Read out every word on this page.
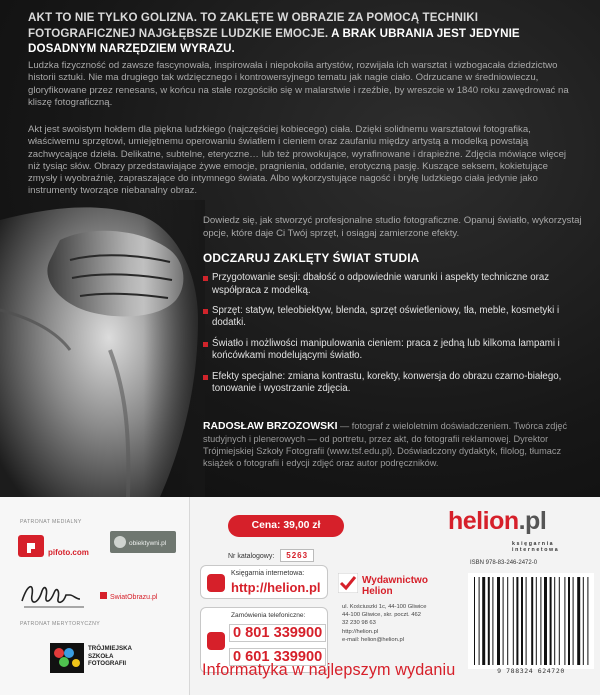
AKT TO NIE TYLKO GOLIZNA. TO ZAKLĘTE W OBRAZIE ZA POMOCĄ TECHNIKI FOTOGRAFICZNEJ NAJGŁĘBSZE LUDZKIE EMOCJE. A BRAK UBRANIA JEST JEDYNIE DOSADNYM NARZĘDZIEM WYRAZU.

Ludzka fizyczność od zawsze fascynowała, inspirowała i niepokoiła artystów, rozwijała ich warsztat i wzbogacała dziedzictwo historii sztuki. Nie ma drugiego tak wdzięcznego i kontrowersyjnego tematu jak nagie ciało. Odrzucane w średniowieczu, gloryfikowane przez renesans, w końcu na stałe rozgościło się w malarstwie i rzeźbie, by wreszcie w 1840 roku zawędrować na kliszę fotograficzną.

Akt jest swoistym hołdem dla piękna ludzkiego (najczęściej kobiecego) ciała. Dzięki solidnemu warsztatowi fotografika, właściwemu sprzętowi, umiejętnemu operowaniu światłem i cieniem oraz zaufaniu między artystą a modelką powstają zachwycające dzieła. Delikatne, subtelne, eteryczne… lub też prowokujące, wyrafinowane i drapieżne. Zdjęcia mówiące więcej niż tysiąc słów. Obrazy przedstawiające żywe emocje, pragnienia, oddanie, erotyczną pasję. Kuszące seksem, kokietujące zmysły i wyobraźnię, zapraszające do intymnego świata. Albo wykorzystujące nagość i bryłę ludzkiego ciała jedynie jako instrumenty tworzące niebanalny obraz.

Dowiedz się, jak stworzyć profesjonalne studio fotograficzne. Opanuj światło, wykorzystaj opcje, które daje Ci Twój sprzęt, i osiągaj zamierzone efekty.

ODCZARUJ ZAKLĘTY ŚWIAT STUDIA
Przygotowanie sesji: dbałość o odpowiednie warunki i aspekty techniczne oraz współpraca z modelką.
Sprzęt: statyw, teleobiektyw, blenda, sprzęt oświetleniowy, tła, meble, kosmetyki i dodatki.
Światło i możliwości manipulowania cieniem: praca z jedną lub kilkoma lampami i końcówkami modelującymi światło.
Efekty specjalne: zmiana kontrastu, korekty, konwersja do obrazu czarno-białego, tonowanie i wyostrzanie zdjęcia.

RADOSŁAW BRZOZOWSKI — fotograf z wieloletnim doświadczeniem. Twórca zdjęć studyjnych i plenerowych — od portretu, przez akt, do fotografii reklamowej. Dyrektor Trójmiejskiej Szkoły Fotografii (www.tsf.edu.pl). Doświadczony dydaktyk, filolog, tłumacz książek o fotografii i edycji zdjęć oraz autor podręczników.

PATRONAT MEDIALNY
pifoto.com
obiektywni.pl
SwiatObrazu.pl
PATRONAT MERYTORYCZNY
TRÓJMIEJSKA
SZKOŁA
FOTOGRAFII
Cena: 39,00 zł
Nr katalogowy: 5263
Księgarnia internetowa:
http://helion.pl
Zamówienia telefoniczne:
0 801 339900
0 601 339900
Wydawnictwo
Helion
ul. Kościuszki 1c, 44-100 Gliwice
44-100 Gliwice, skr. poczt. 462
32 230 98 63
http://helion.pl
e-mail: helion@helion.pl
helion.pl
księgarnia
internetowa
ISBN 978-83-246-2472-0
9 788324 624720
Informatyka w najlepszym wydaniu
